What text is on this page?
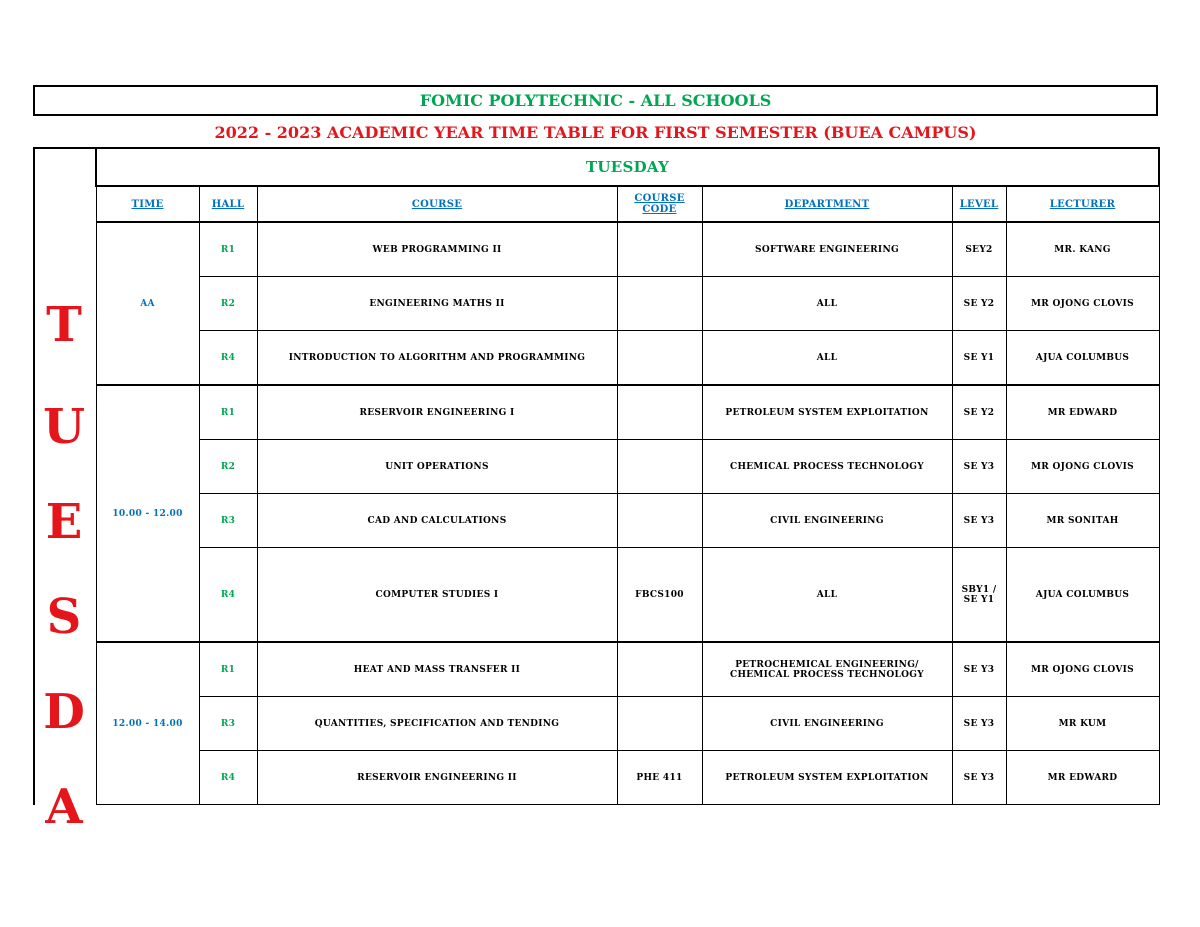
FOMIC POLYTECHNIC - ALL SCHOOLS
2022 - 2023 ACADEMIC YEAR TIME TABLE FOR FIRST SEMESTER (BUEA CAMPUS)
T
U
E
S
D
A
TUESDAY						
TIME	HALL	COURSE	COURSE CODE	DEPARTMENT	LEVEL	LECTURER
AA	R1	WEB PROGRAMMING II		SOFTWARE ENGINEERING	SEY2	MR. KANG
	R2	ENGINEERING MATHS II		ALL	SE Y2	MR OJONG CLOVIS
	R4	INTRODUCTION TO ALGORITHM AND PROGRAMMING		ALL	SE Y1	AJUA COLUMBUS
10.00 - 12.00	R1	RESERVOIR ENGINEERING I		PETROLEUM SYSTEM EXPLOITATION	SE Y2	MR EDWARD
	R2	UNIT OPERATIONS		CHEMICAL PROCESS TECHNOLOGY	SE Y3	MR OJONG CLOVIS
	R3	CAD AND CALCULATIONS		CIVIL ENGINEERING	SE Y3	MR SONITAH
	R4	COMPUTER STUDIES I	FBCS100	ALL	SBY1 / SE Y1	AJUA COLUMBUS
12.00 - 14.00	R1	HEAT AND MASS TRANSFER II		PETROCHEMICAL ENGINEERING/ CHEMICAL PROCESS TECHNOLOGY	SE Y3	MR OJONG CLOVIS
	R3	QUANTITIES, SPECIFICATION AND TENDING		CIVIL ENGINEERING	SE Y3	MR KUM
	R4	RESERVOIR ENGINEERING II	PHE 411	PETROLEUM SYSTEM EXPLOITATION	SE Y3	MR EDWARD
